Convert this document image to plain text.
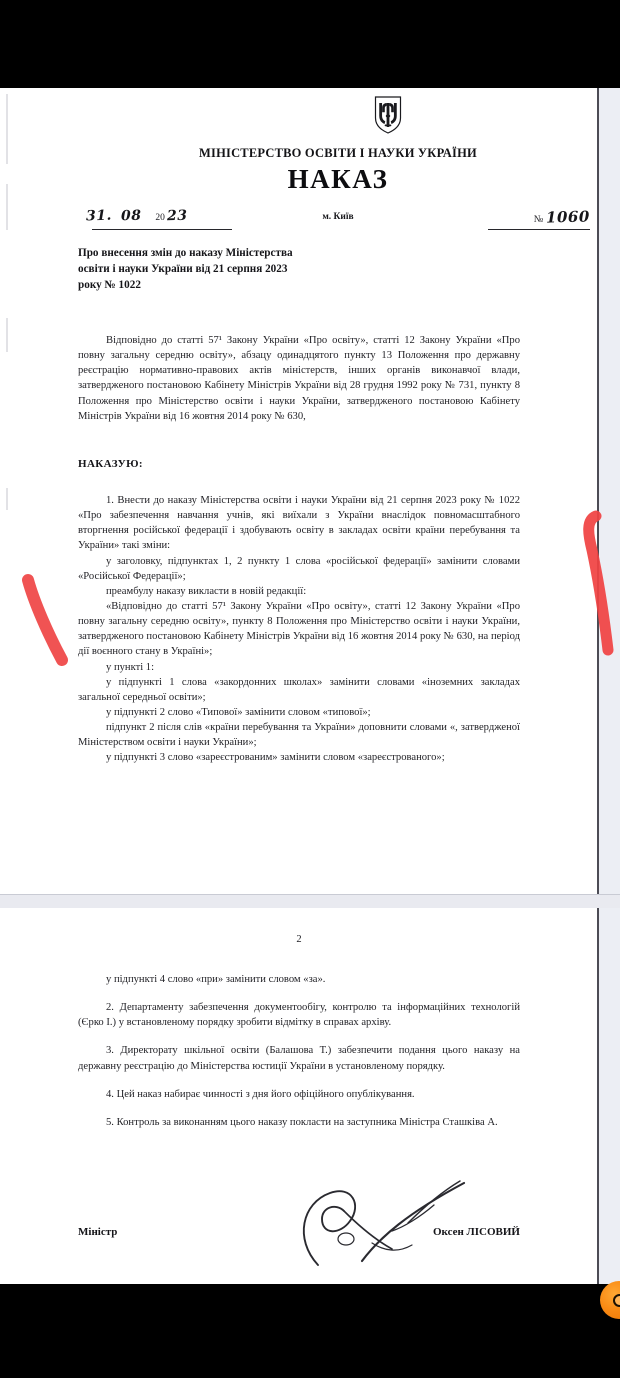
МІНІСТЕРСТВО ОСВІТИ І НАУКИ УКРАЇНИ
НАКАЗ
31. 08 20 23	м. Київ	№ 1060
Про внесення змін до наказу Міністерства освіти і науки України від 21 серпня 2023 року № 1022

Відповідно до статті 57¹ Закону України «Про освіту», статті 12 Закону України «Про повну загальну середню освіту», абзацу одинадцятого пункту 13 Положення про державну реєстрацію нормативно-правових актів міністерств, інших органів виконавчої влади, затвердженого постановою Кабінету Міністрів України від 28 грудня 1992 року № 731, пункту 8 Положення про Міністерство освіти і науки України, затвердженого постановою Кабінету Міністрів України від 16 жовтня 2014 року № 630,

НАКАЗУЮ:

1. Внести до наказу Міністерства освіти і науки України від 21 серпня 2023 року № 1022 «Про забезпечення навчання учнів, які виїхали з України внаслідок повномасштабного вторгнення російської федерації і здобувають освіту в закладах освіти країни перебування та України» такі зміни:

у заголовку, підпунктах 1, 2 пункту 1 слова «російської федерації» замінити словами «Російської Федерації»;

преамбулу наказу викласти в новій редакції:

«Відповідно до статті 57¹ Закону України «Про освіту», статті 12 Закону України «Про повну загальну середню освіту», пункту 8 Положення про Міністерство освіти і науки України, затвердженого постановою Кабінету Міністрів України від 16 жовтня 2014 року № 630, на період дії воєнного стану в Україні»;

у пункті 1:

у підпункті 1 слова «закордонних школах» замінити словами «іноземних закладах загальної середньої освіти»;

у підпункті 2 слово «Типової» замінити словом «типової»;

підпункт 2 після слів «країни перебування та України» доповнити словами «, затвердженої Міністерством освіти і науки України»;

у підпункті 3 слово «зареєстрованим» замінити словом «зареєстрованого»;

2

у підпункті 4 слово «при» замінити словом «за».

2. Департаменту забезпечення документообігу, контролю та інформаційних технологій (Єрко І.) у встановленому порядку зробити відмітку в справах архіву.

3. Директорату шкільної освіти (Балашова Т.) забезпечити подання цього наказу на державну реєстрацію до Міністерства юстиції України в установленому порядку.

4. Цей наказ набирає чинності з дня його офіційного опублікування.

5. Контроль за виконанням цього наказу покласти на заступника Міністра Сташківа А.

Міністр	Оксен ЛІСОВИЙ
